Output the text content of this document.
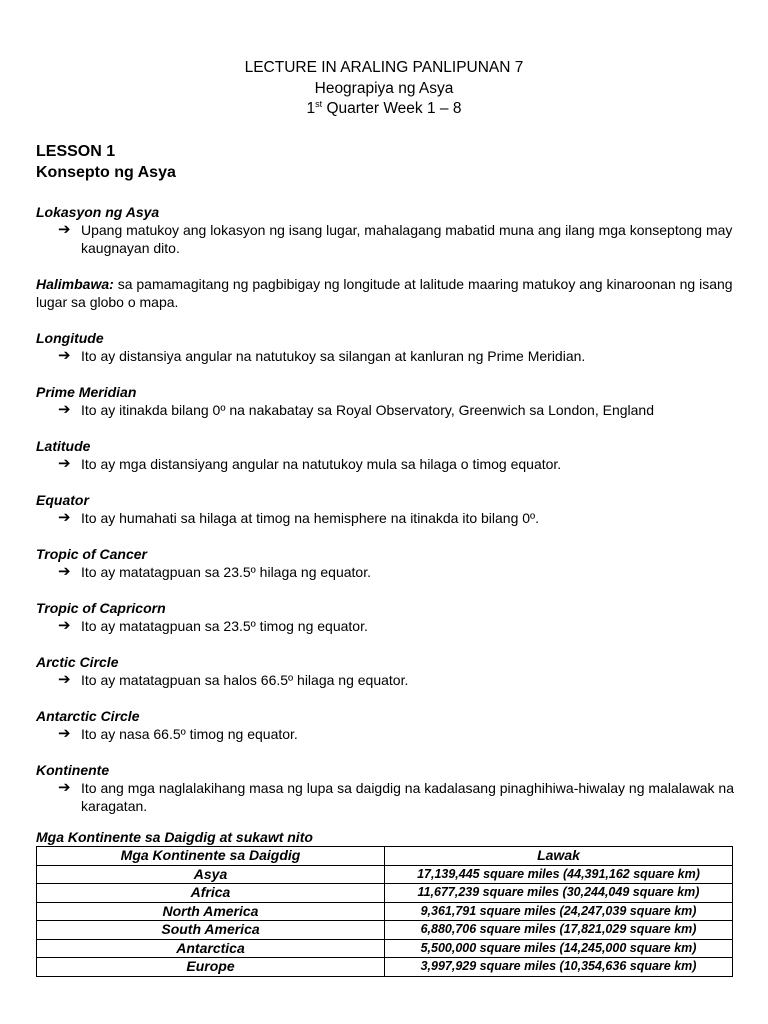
LECTURE IN ARALING PANLIPUNAN 7
Heograpiya ng Asya
1st Quarter Week 1 – 8
LESSON 1
Konsepto ng Asya
Lokasyon ng Asya
➔ Upang matukoy ang lokasyon ng isang lugar, mahalagang mabatid muna ang ilang mga konseptong may kaugnayan dito.
Halimbawa: sa pamamagitang ng pagbibigay ng longitude at lalitude maaring matukoy ang kinaroonan ng isang lugar sa globo o mapa.
Longitude
➔ Ito ay distansiya angular na natutukoy sa silangan at kanluran ng Prime Meridian.
Prime Meridian
➔ Ito ay itinakda bilang 0º na nakabatay sa Royal Observatory, Greenwich sa London, England
Latitude
➔ Ito ay mga distansiyang angular na natutukoy mula sa hilaga o timog equator.
Equator
➔ Ito ay humahati sa hilaga at timog na hemisphere na itinakda ito bilang 0º.
Tropic of Cancer
➔ Ito ay matatagpuan sa 23.5º hilaga ng equator.
Tropic of Capricorn
➔ Ito ay matatagpuan sa 23.5º timog ng equator.
Arctic Circle
➔ Ito ay matatagpuan sa halos 66.5º hilaga ng equator.
Antarctic Circle
➔ Ito ay nasa 66.5º timog ng equator.
Kontinente
➔ Ito ang mga naglalakihang masa ng lupa sa daigdig na kadalasang pinaghihiwa-hiwalay ng malalawak na karagatan.
Mga Kontinente sa Daigdig at sukawt nito
Mga Kontinente sa Daigdig	Lawak
Asya	17,139,445 square miles (44,391,162 square km)
Africa	11,677,239 square miles (30,244,049 square km)
North America	9,361,791 square miles (24,247,039 square km)
South America	6,880,706 square miles (17,821,029 square km)
Antarctica	5,500,000 square miles (14,245,000 square km)
Europe	3,997,929 square miles (10,354,636 square km)
